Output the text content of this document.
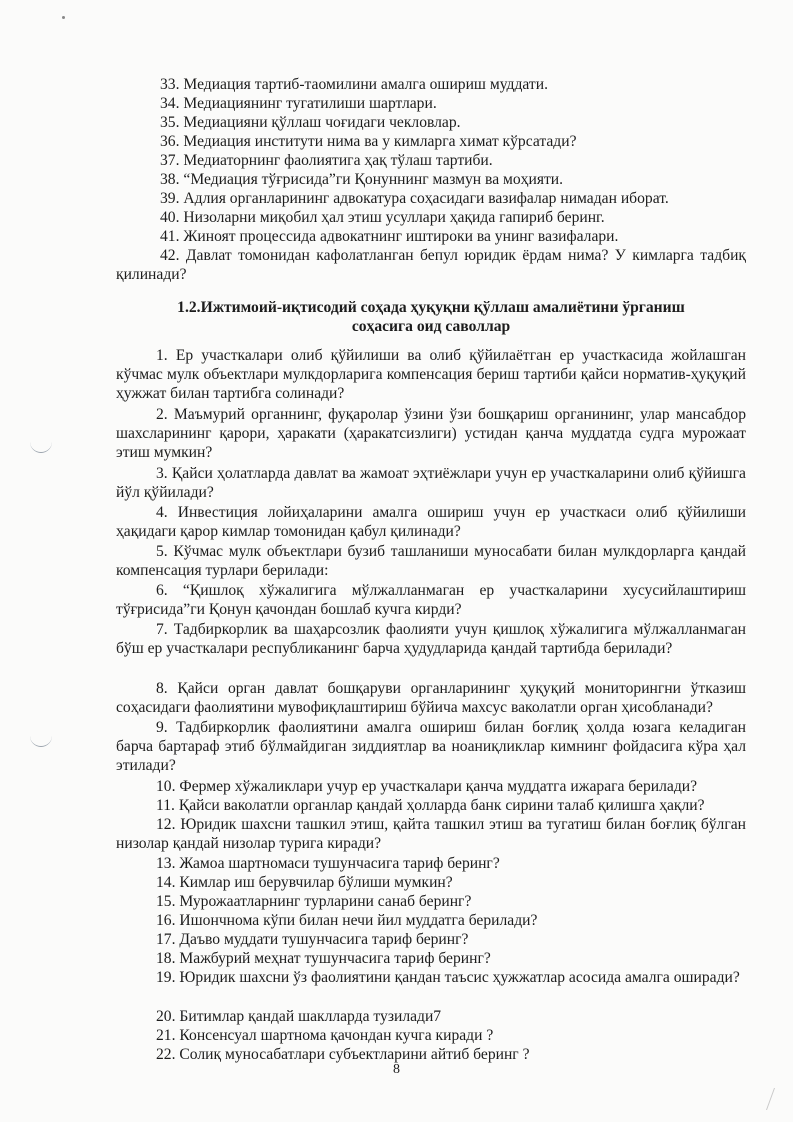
33. Медиация тартиб-таомилини амалга ошириш муддати.

34. Медиациянинг тугатилиши шартлари.

35. Медиацияни қўллаш чоғидаги чекловлар.

36. Медиация институти нима ва у кимларга химат кўрсатади?

37. Медиаторнинг фаолиятига ҳақ тўлаш тартиби.

38. “Медиация тўғрисида”ги Қонуннинг мазмун ва моҳияти.

39. Адлия органларининг адвокатура соҳасидаги вазифалар нимадан иборат.

40. Низоларни миқобил ҳал этиш усуллари ҳақида гапириб беринг.

41. Жиноят процессида адвокатнинг иштироки ва унинг вазифалари.

42. Давлат томонидан кафолатланган бепул юридик ёрдам нима? У кимларга тадбиқ қилинади?

1.2.Ижтимоий-иқтисодий соҳада ҳуқуқни қўллаш амалиётини ўрганиш
соҳасига оид саволлар

1. Ер участкалари олиб қўйилиши ва олиб қўйилаётган ер участкасида жойлашган кўчмас мулк объектлари мулкдорларига компенсация бериш тартиби қайси норматив-ҳуқуқий ҳужжат билан тартибга солинади?

2. Маъмурий органнинг, фуқаролар ўзини ўзи бошқариш органининг, улар мансабдор шахсларининг қарори, ҳаракати (ҳаракатсизлиги) устидан қанча муддатда судга мурожаат этиш мумкин?

3. Қайси ҳолатларда давлат ва жамоат эҳтиёжлари учун ер участкаларини олиб қўйишга йўл қўйилади?

4. Инвестиция лойиҳаларини амалга ошириш учун ер участкаси олиб қўйилиши ҳақидаги қарор кимлар томонидан қабул қилинади?

5. Кўчмас мулк объектлари бузиб ташланиши муносабати билан мулкдорларга қандай компенсация турлари берилади:

6. “Қишлоқ хўжалигига мўлжалланмаган ер участкаларини хусусийлаштириш тўғрисида”ги Қонун қачондан бошлаб кучга кирди?

7. Тадбиркорлик ва шаҳарсозлик фаолияти учун қишлоқ хўжалигига мўлжалланмаган бўш ер участкалари республиканинг барча ҳудудларида қандай тартибда берилади?

8. Қайси орган давлат бошқаруви органларининг ҳуқуқий мониторингни ўтказиш соҳасидаги фаолиятини мувофиқлаштириш бўйича махсус ваколатли орган ҳисобланади?

9. Тадбиркорлик фаолиятини амалга ошириш билан боғлиқ ҳолда юзага келадиган барча бартараф этиб бўлмайдиган зиддиятлар ва ноаниқликлар кимнинг фойдасига кўра ҳал этилади?

10. Фермер хўжаликлари учур ер участкалари қанча муддатга ижарага берилади?

11. Қайси ваколатли органлар қандай ҳолларда банк сирини талаб қилишга ҳақли?

12. Юридик шахсни ташкил этиш, қайта ташкил этиш ва тугатиш билан боғлиқ бўлган низолар қандай низолар турига киради?

13. Жамоа шартномаси тушунчасига тариф беринг?

14. Кимлар иш берувчилар бўлиши мумкин?

15. Мурожаатларнинг турларини санаб беринг?

16. Ишончнома кўпи билан нечи йил муддатга берилади?

17. Даъво муддати тушунчасига тариф беринг?

18. Мажбурий меҳнат тушунчасига тариф беринг?

19. Юридик шахсни ўз фаолиятини қандан таъсис ҳужжатлар асосида амалга оширади?

20. Битимлар қандай шаклларда тузилади7

21. Консенсуал шартнома қачондан кучга киради ?

22. Солиқ муносабатлари субъектларини айтиб беринг ?

8
